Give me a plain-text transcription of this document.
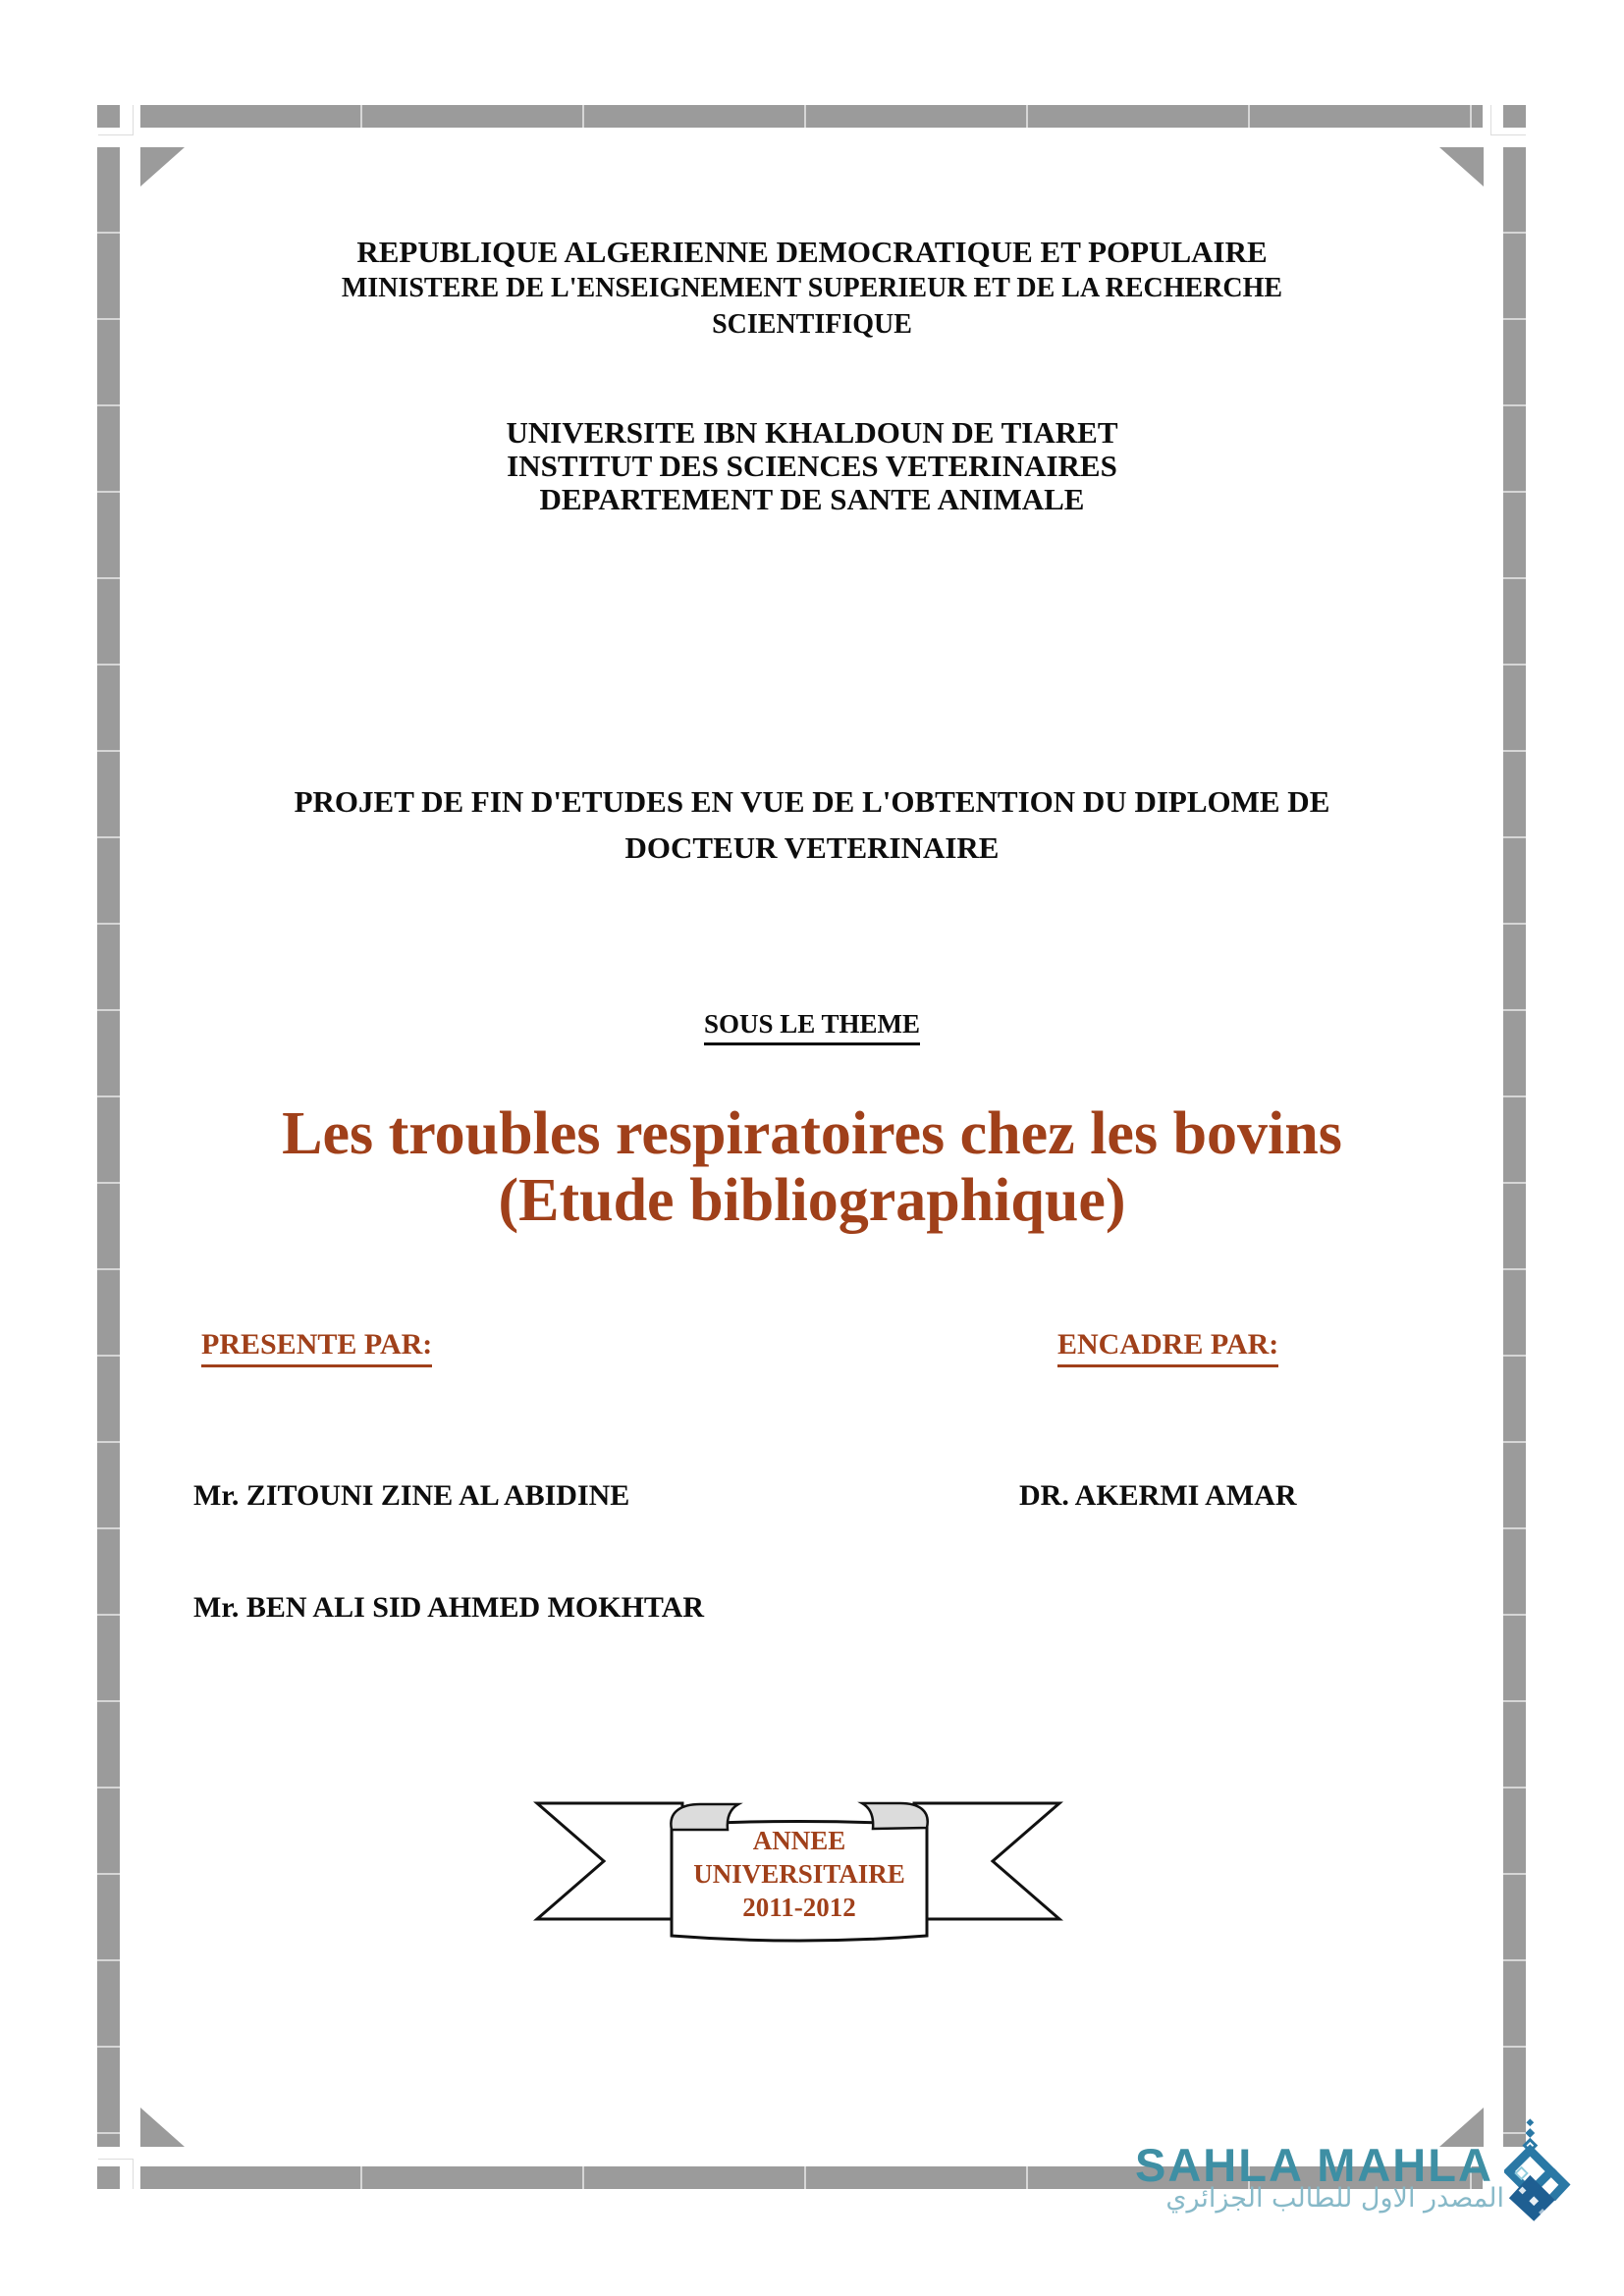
REPUBLIQUE ALGERIENNE DEMOCRATIQUE ET POPULAIRE
MINISTERE DE L'ENSEIGNEMENT SUPERIEUR ET DE LA RECHERCHE
SCIENTIFIQUE
UNIVERSITE IBN KHALDOUN DE TIARET
INSTITUT DES SCIENCES VETERINAIRES
DEPARTEMENT DE SANTE ANIMALE
PROJET DE FIN D'ETUDES EN VUE DE L'OBTENTION DU DIPLOME DE
DOCTEUR VETERINAIRE
SOUS LE THEME
Les troubles respiratoires chez les bovins
(Etude bibliographique)
PRESENTE PAR:	ENCADRE PAR:

Mr. ZITOUNI ZINE AL ABIDINE

Mr. BEN ALI SID AHMED MOKHTAR

DR. AKERMI AMAR

ANNEE
UNIVERSITAIRE
2011-2012
SAHLA MAHLA
المصدر الاول للطالب الجزائري
